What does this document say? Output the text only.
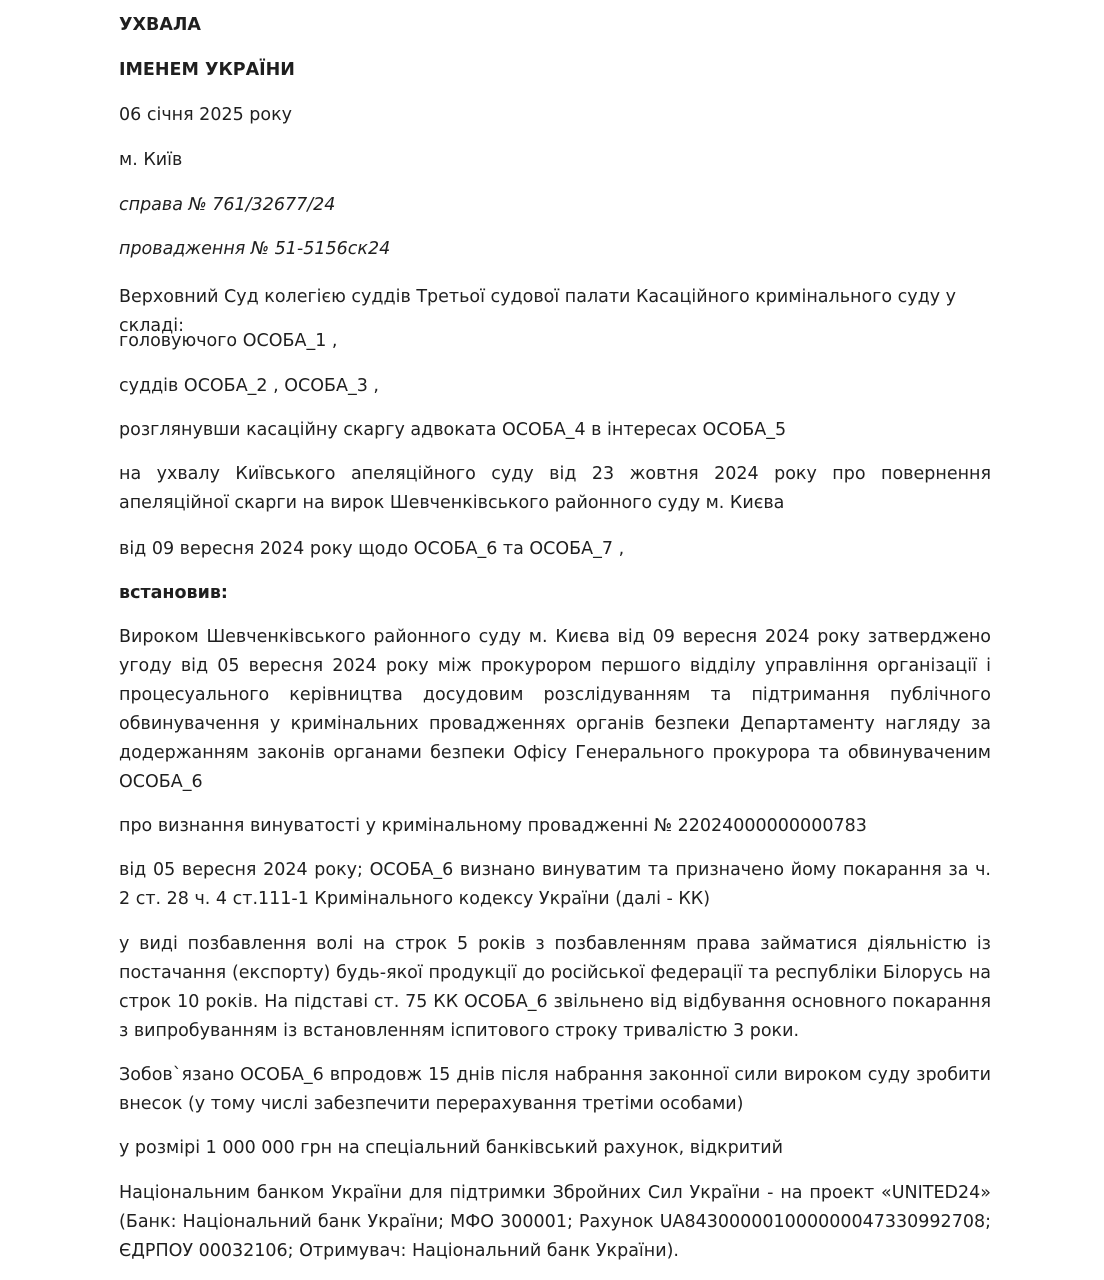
УХВАЛА

ІМЕНЕМ УКРАЇНИ

06 січня 2025 року

м. Київ

справа № 761/32677/24

провадження № 51-5156ск24

Верховний Суд колегією суддів Третьої судової палати Касаційного кримінального суду у складі:

головуючого ОСОБА_1 ,

суддів ОСОБА_2 , ОСОБА_3 ,

розглянувши касаційну скаргу адвоката ОСОБА_4 в інтересах ОСОБА_5

на ухвалу Київського апеляційного суду від 23 жовтня 2024 року про повернення апеляційної скарги на вирок Шевченківського районного суду м. Києва

від 09 вересня 2024 року щодо ОСОБА_6 та ОСОБА_7 ,

встановив:

Вироком Шевченківського районного суду м. Києва від 09 вересня 2024 року затверджено угоду від 05 вересня 2024 року між прокурором першого відділу управління організації і процесуального керівництва досудовим розслідуванням та підтримання публічного обвинувачення у кримінальних провадженнях органів безпеки Департаменту нагляду за додержанням законів органами безпеки Офісу Генерального прокурора та обвинуваченим ОСОБА_6

про визнання винуватості у кримінальному провадженні № 22024000000000783

від 05 вересня 2024 року; ОСОБА_6 визнано винуватим та призначено йому покарання за ч. 2 ст. 28 ч. 4 ст.111-1 Кримінального кодексу України (далі - КК)

у виді позбавлення волі на строк 5 років з позбавленням права займатися діяльністю із постачання (експорту) будь-якої продукції до російської федерації та республіки Білорусь на строк 10 років. На підставі ст. 75 КК ОСОБА_6 звільнено від відбування основного покарання з випробуванням із встановленням іспитового строку тривалістю 3 роки.

Зобов`язано ОСОБА_6 впродовж 15 днів після набрання законної сили вироком суду зробити внесок (у тому числі забезпечити перерахування третіми особами)

у розмірі 1 000 000 грн на спеціальний банківський рахунок, відкритий

Національним банком України для підтримки Збройних Сил України - на проект «UNITED24» (Банк: Національний банк України; МФО 300001; Рахунок UA843000001000000047330992708; ЄДРПОУ 00032106; Отримувач: Національний банк України).
